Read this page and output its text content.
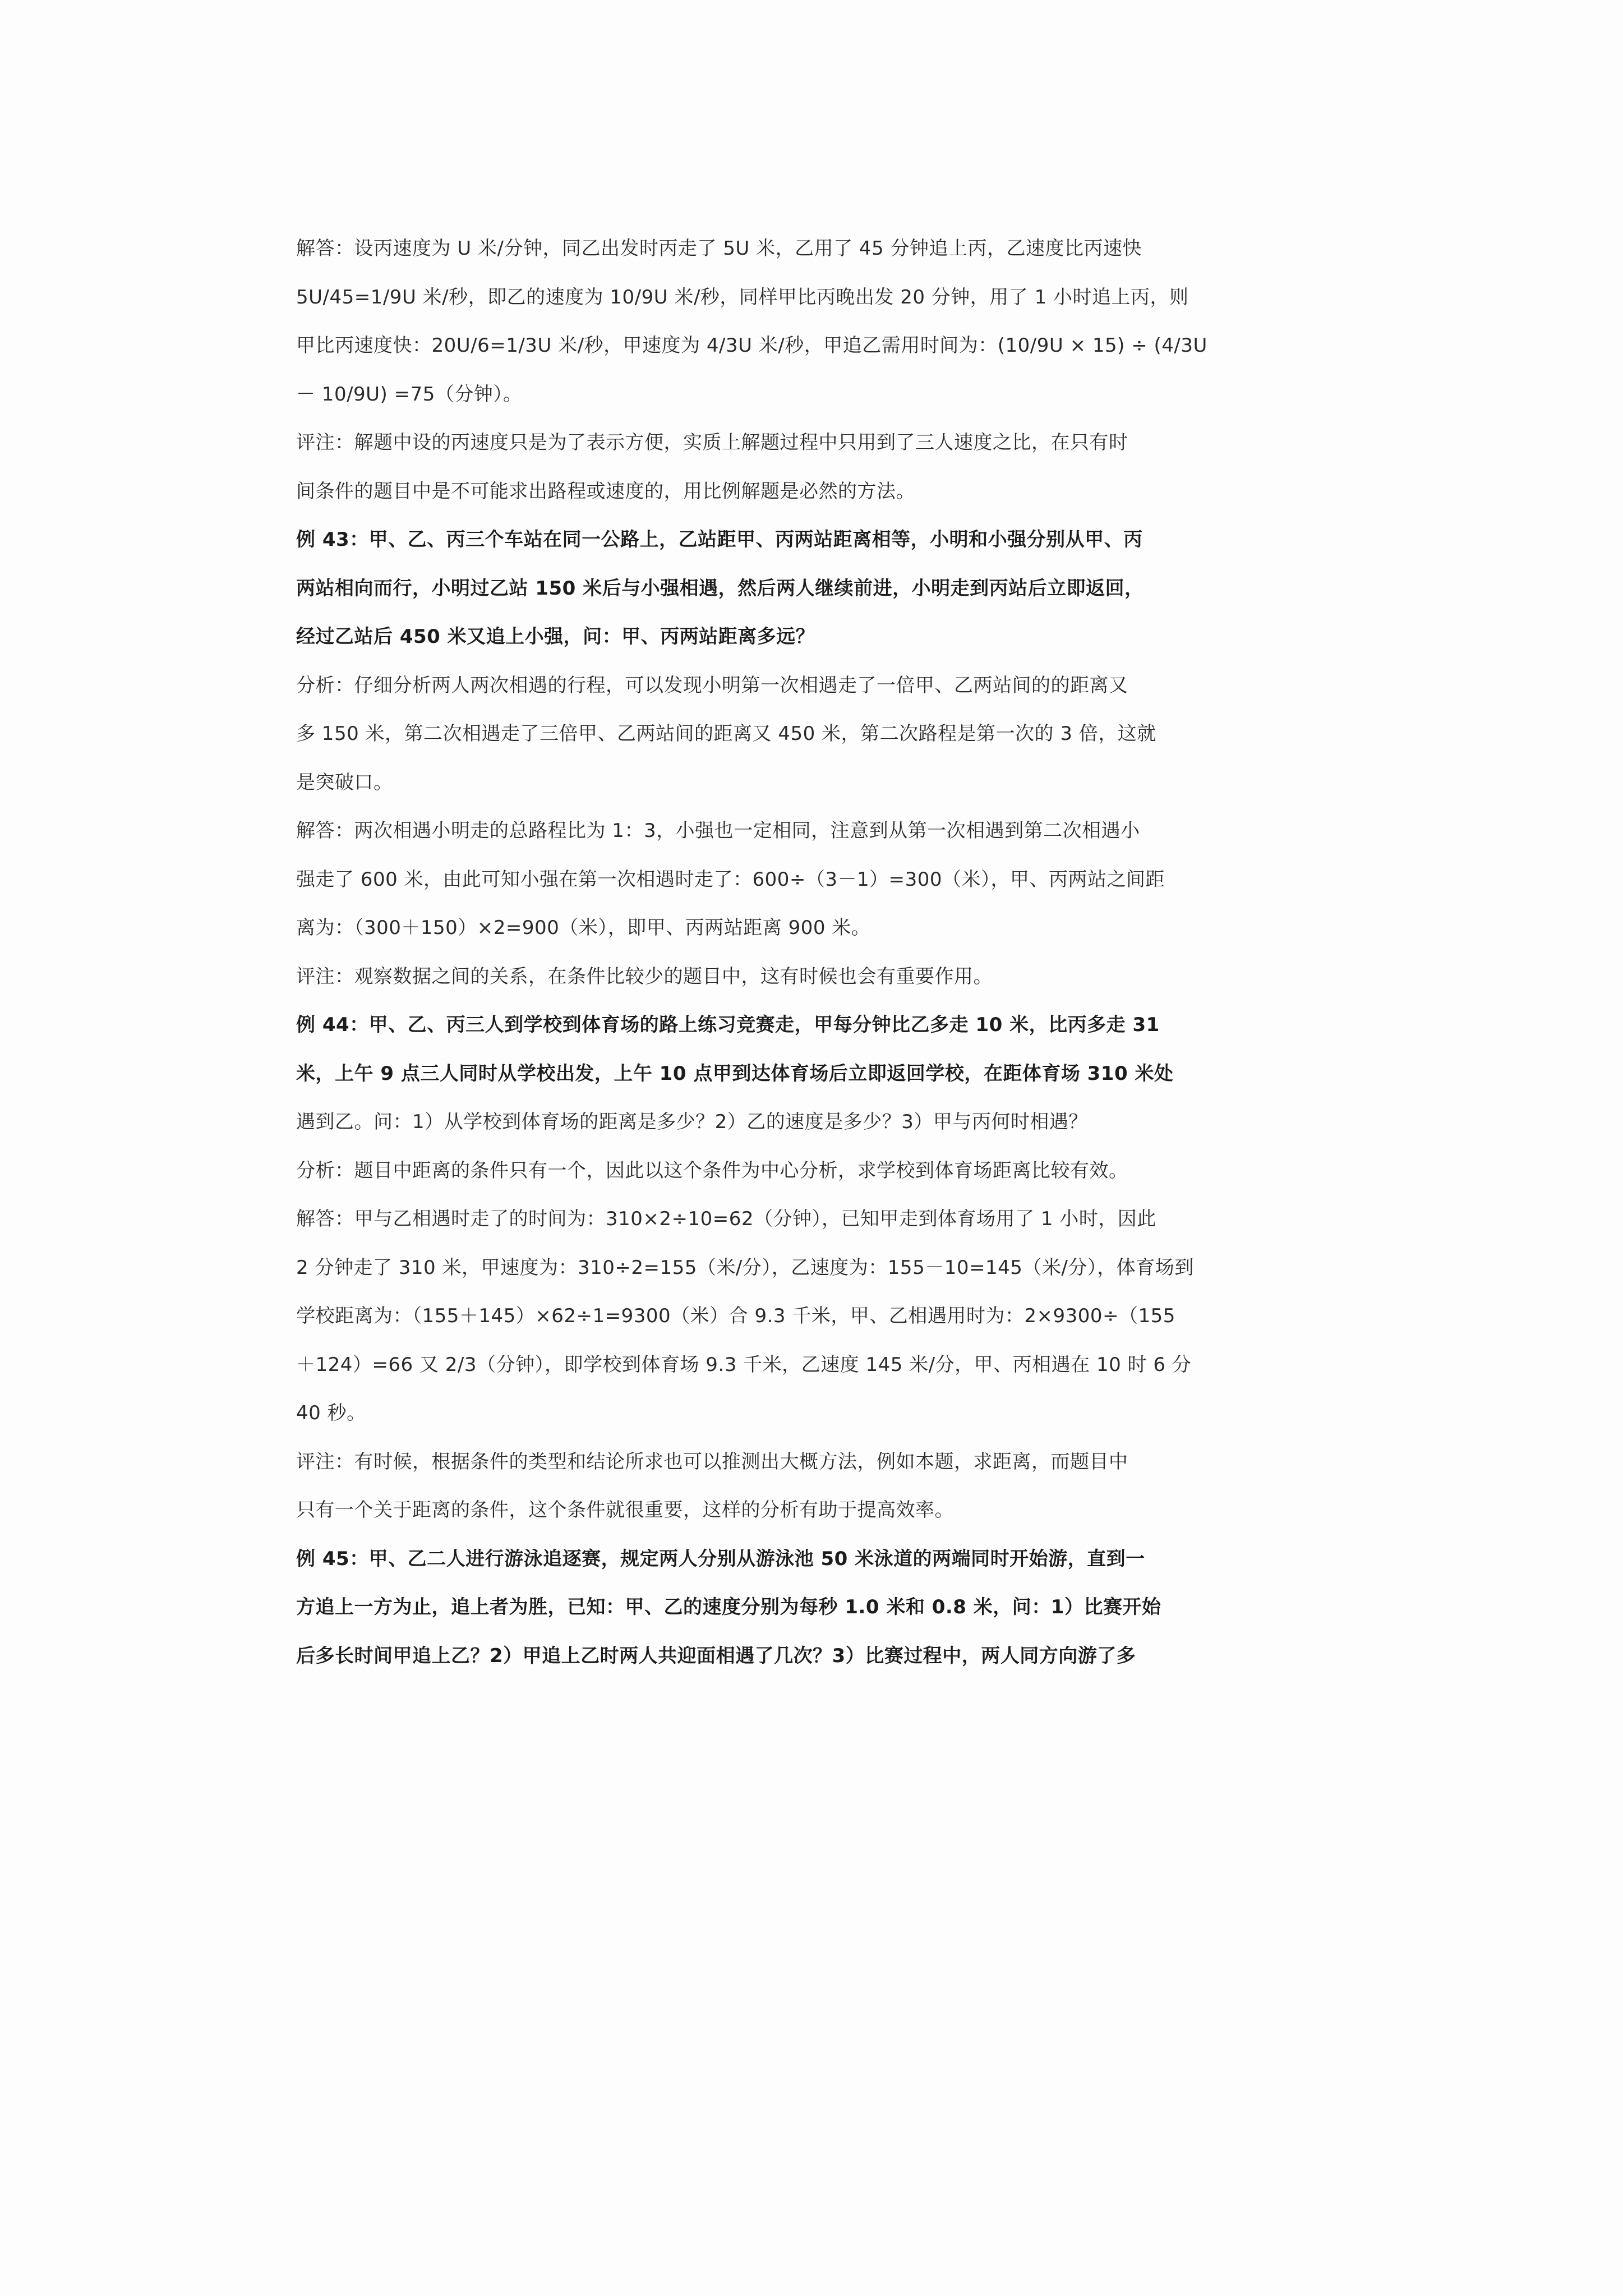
解答：设丙速度为 U 米/分钟，同乙出发时丙走了 5U 米，乙用了 45 分钟追上丙，乙速度比丙速快
5U/45=1/9U 米/秒，即乙的速度为 10/9U 米/秒，同样甲比丙晚出发 20 分钟，用了 1 小时追上丙，则
甲比丙速度快：20U/6=1/3U 米/秒，甲速度为 4/3U 米/秒，甲追乙需用时间为：(10/9U × 15) ÷ (4/3U
－ 10/9U) =75（分钟）。
评注：解题中设的丙速度只是为了表示方便，实质上解题过程中只用到了三人速度之比，在只有时
间条件的题目中是不可能求出路程或速度的，用比例解题是必然的方法。
例 43：甲、乙、丙三个车站在同一公路上，乙站距甲、丙两站距离相等，小明和小强分别从甲、丙
两站相向而行，小明过乙站 150 米后与小强相遇，然后两人继续前进，小明走到丙站后立即返回，
经过乙站后 450 米又追上小强，问：甲、丙两站距离多远？
分析：仔细分析两人两次相遇的行程，可以发现小明第一次相遇走了一倍甲、乙两站间的的距离又
多 150 米，第二次相遇走了三倍甲、乙两站间的距离又 450 米，第二次路程是第一次的 3 倍，这就
是突破口。
解答：两次相遇小明走的总路程比为 1：3，小强也一定相同，注意到从第一次相遇到第二次相遇小
强走了 600 米，由此可知小强在第一次相遇时走了：600÷（3－1）=300（米），甲、丙两站之间距
离为：（300＋150）×2=900（米），即甲、丙两站距离 900 米。
评注：观察数据之间的关系，在条件比较少的题目中，这有时候也会有重要作用。
例 44：甲、乙、丙三人到学校到体育场的路上练习竞赛走，甲每分钟比乙多走 10 米，比丙多走 31
米，上午 9 点三人同时从学校出发，上午 10 点甲到达体育场后立即返回学校，在距体育场 310 米处
遇到乙。问：1）从学校到体育场的距离是多少？2）乙的速度是多少？3）甲与丙何时相遇？
分析：题目中距离的条件只有一个，因此以这个条件为中心分析，求学校到体育场距离比较有效。
解答：甲与乙相遇时走了的时间为：310×2÷10=62（分钟），已知甲走到体育场用了 1 小时，因此
2 分钟走了 310 米，甲速度为：310÷2=155（米/分），乙速度为：155－10=145（米/分），体育场到
学校距离为：（155＋145）×62÷1=9300（米）合 9.3 千米，甲、乙相遇用时为：2×9300÷（155
＋124）=66 又 2/3（分钟），即学校到体育场 9.3 千米，乙速度 145 米/分，甲、丙相遇在 10 时 6 分
40 秒。
评注：有时候，根据条件的类型和结论所求也可以推测出大概方法，例如本题，求距离，而题目中
只有一个关于距离的条件，这个条件就很重要，这样的分析有助于提高效率。
例 45：甲、乙二人进行游泳追逐赛，规定两人分别从游泳池 50 米泳道的两端同时开始游，直到一
方追上一方为止，追上者为胜，已知：甲、乙的速度分别为每秒 1.0 米和 0.8 米，问：1）比赛开始
后多长时间甲追上乙？2）甲追上乙时两人共迎面相遇了几次？3）比赛过程中，两人同方向游了多
